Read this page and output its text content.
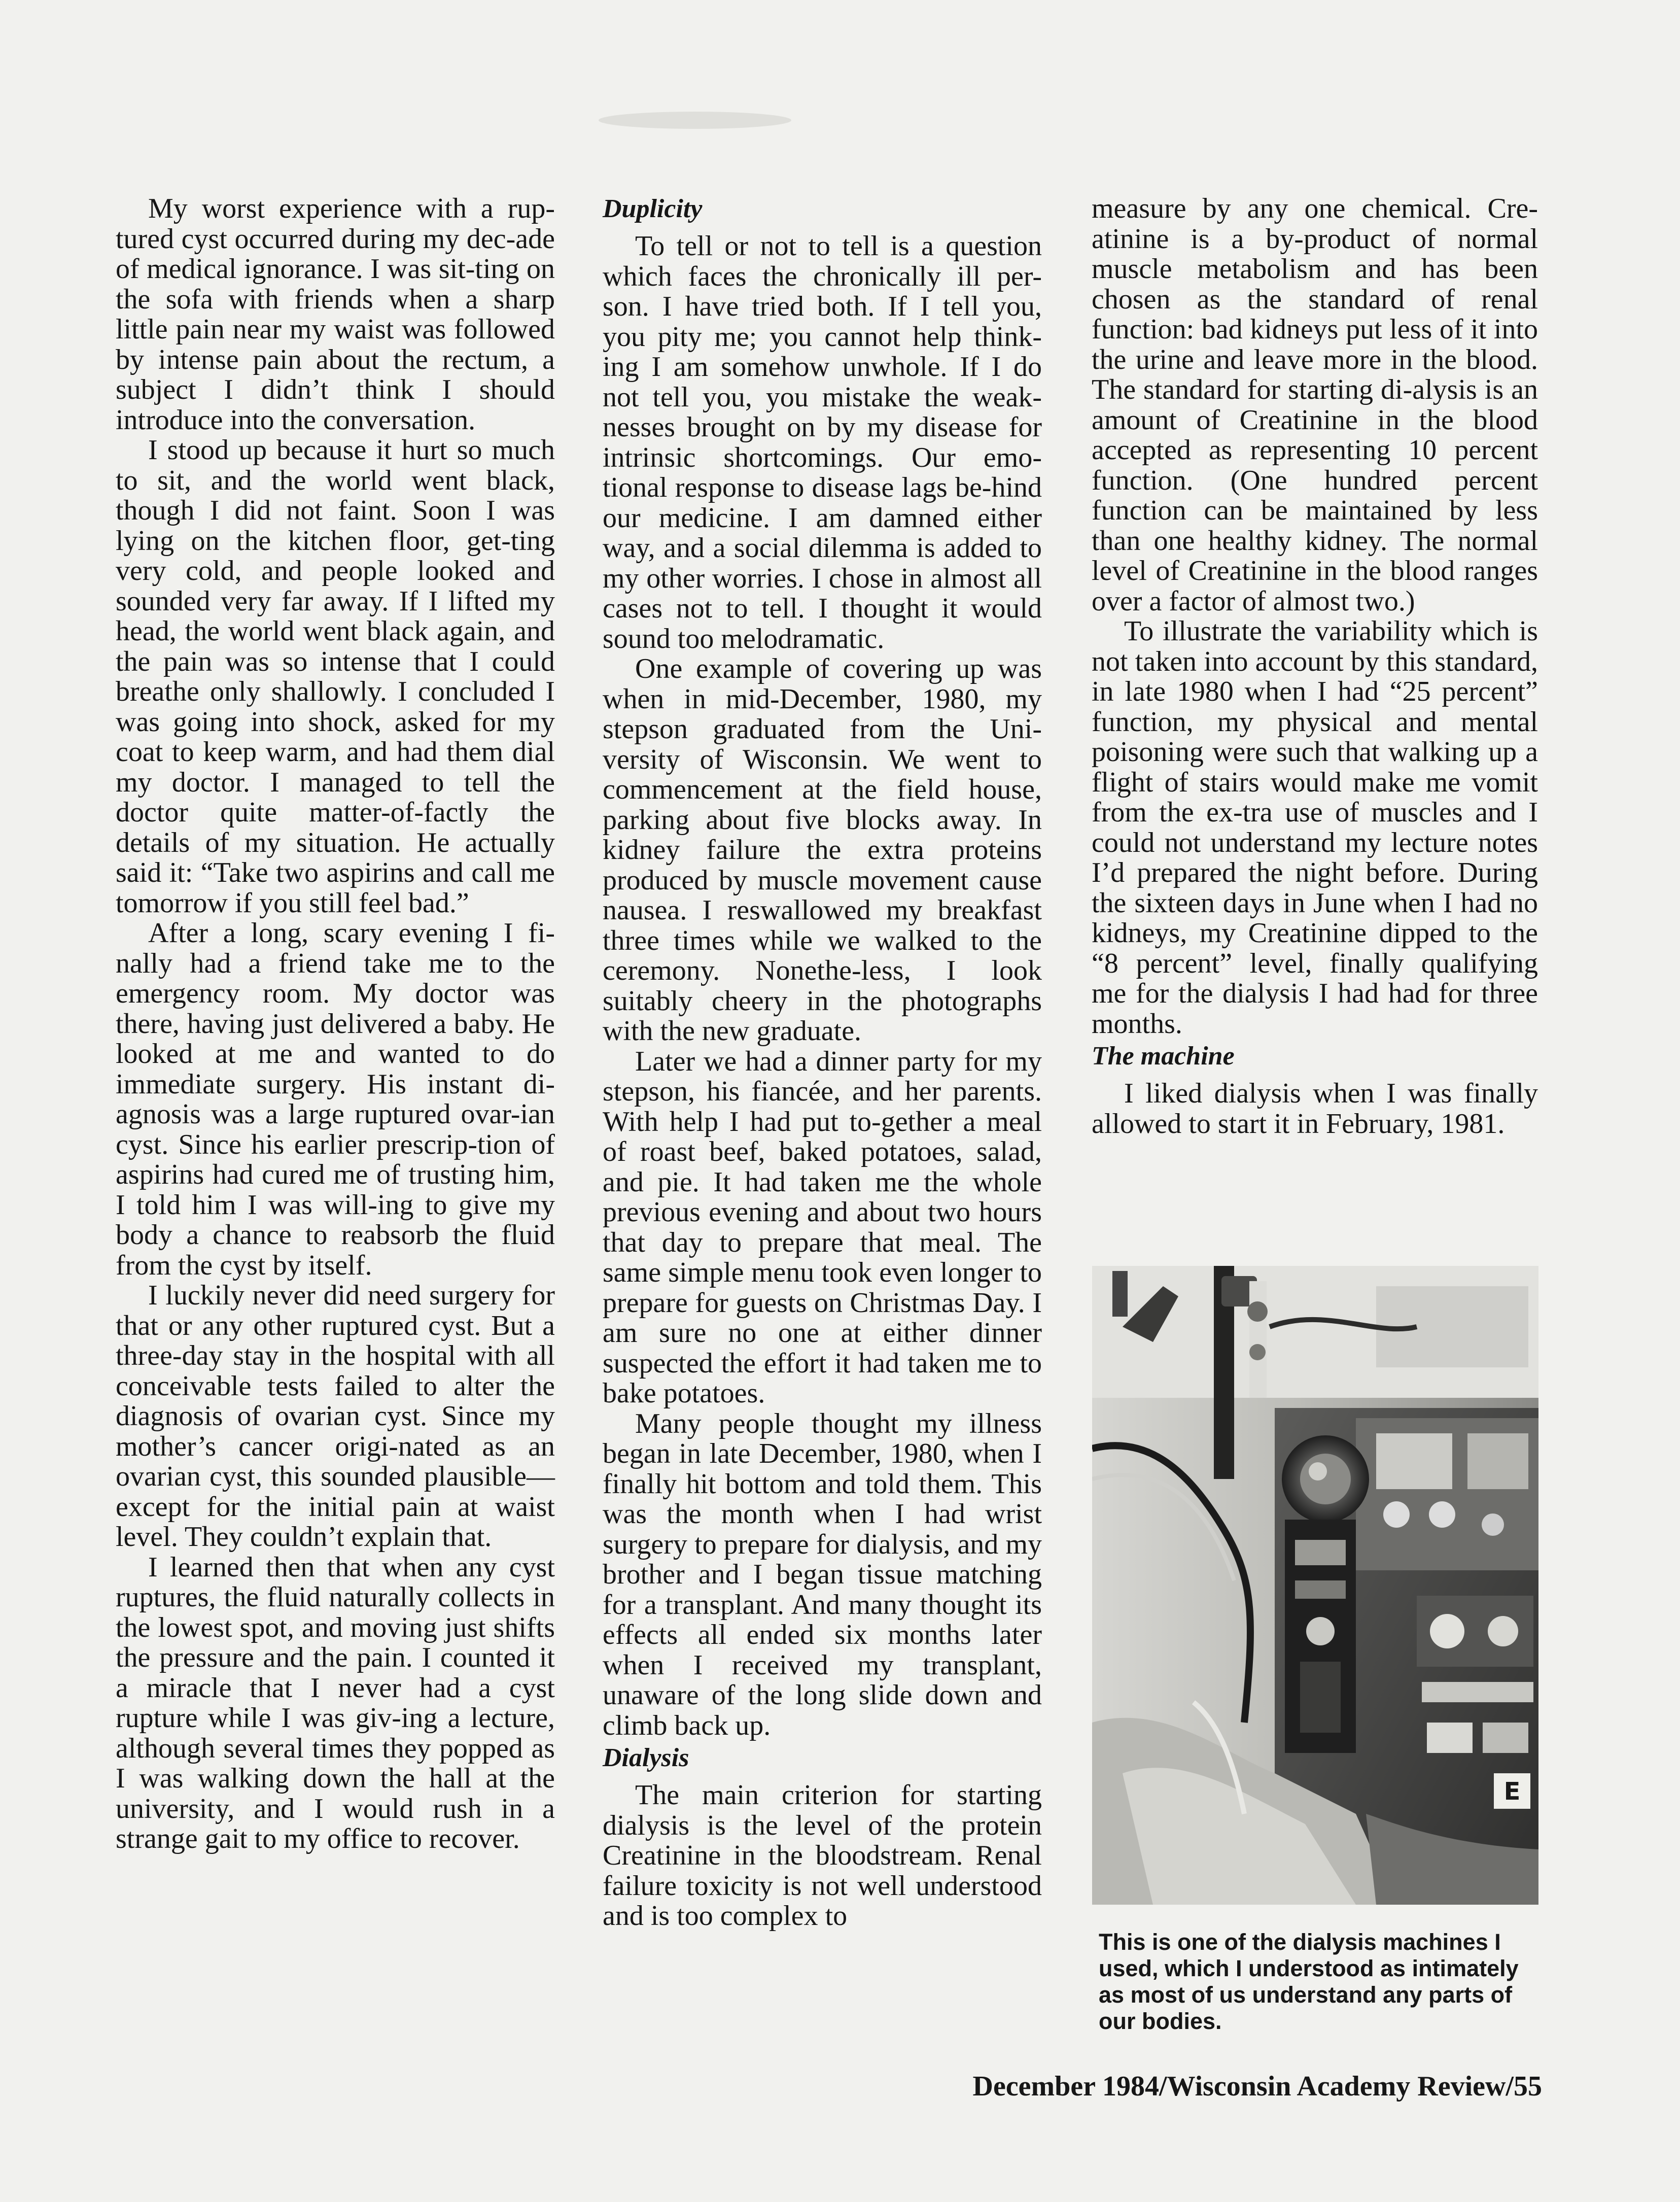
My worst experience with a rup-tured cyst occurred during my dec-ade of medical ignorance. I was sit-ting on the sofa with friends when a sharp little pain near my waist was followed by intense pain about the rectum, a subject I didn’t think I should introduce into the conversation.

I stood up because it hurt so much to sit, and the world went black, though I did not faint. Soon I was lying on the kitchen floor, get-ting very cold, and people looked and sounded very far away. If I lifted my head, the world went black again, and the pain was so intense that I could breathe only shallowly. I concluded I was going into shock, asked for my coat to keep warm, and had them dial my doctor. I managed to tell the doctor quite matter-of-factly the details of my situation. He actually said it: “Take two aspirins and call me tomorrow if you still feel bad.”

After a long, scary evening I fi-nally had a friend take me to the emergency room. My doctor was there, having just delivered a baby. He looked at me and wanted to do immediate surgery. His instant di-agnosis was a large ruptured ovar-ian cyst. Since his earlier prescrip-tion of aspirins had cured me of trusting him, I told him I was will-ing to give my body a chance to reabsorb the fluid from the cyst by itself.

I luckily never did need surgery for that or any other ruptured cyst. But a three-day stay in the hospital with all conceivable tests failed to alter the diagnosis of ovarian cyst. Since my mother’s cancer origi-nated as an ovarian cyst, this sounded plausible—except for the initial pain at waist level. They couldn’t explain that.

I learned then that when any cyst ruptures, the fluid naturally collects in the lowest spot, and moving just shifts the pressure and the pain. I counted it a miracle that I never had a cyst rupture while I was giv-ing a lecture, although several times they popped as I was walking down the hall at the university, and I would rush in a strange gait to my office to recover.

Duplicity

To tell or not to tell is a question which faces the chronically ill per-son. I have tried both. If I tell you, you pity me; you cannot help think-ing I am somehow unwhole. If I do not tell you, you mistake the weak-nesses brought on by my disease for intrinsic shortcomings. Our emo-tional response to disease lags be-hind our medicine. I am damned either way, and a social dilemma is added to my other worries. I chose in almost all cases not to tell. I thought it would sound too melodramatic.

One example of covering up was when in mid-December, 1980, my stepson graduated from the Uni-versity of Wisconsin. We went to commencement at the field house, parking about five blocks away. In kidney failure the extra proteins produced by muscle movement cause nausea. I reswallowed my breakfast three times while we walked to the ceremony. Nonethe-less, I look suitably cheery in the photographs with the new graduate.

Later we had a dinner party for my stepson, his fiancée, and her parents. With help I had put to-gether a meal of roast beef, baked potatoes, salad, and pie. It had taken me the whole previous evening and about two hours that day to prepare that meal. The same simple menu took even longer to prepare for guests on Christmas Day. I am sure no one at either dinner suspected the effort it had taken me to bake potatoes.

Many people thought my illness began in late December, 1980, when I finally hit bottom and told them. This was the month when I had wrist surgery to prepare for dialysis, and my brother and I began tissue matching for a transplant. And many thought its effects all ended six months later when I received my transplant, unaware of the long slide down and climb back up.

Dialysis

The main criterion for starting dialysis is the level of the protein Creatinine in the bloodstream. Renal failure toxicity is not well understood and is too complex to

measure by any one chemical. Cre-atinine is a by-product of normal muscle metabolism and has been chosen as the standard of renal function: bad kidneys put less of it into the urine and leave more in the blood. The standard for starting di-alysis is an amount of Creatinine in the blood accepted as representing 10 percent function. (One hundred percent function can be maintained by less than one healthy kidney. The normal level of Creatinine in the blood ranges over a factor of almost two.)

To illustrate the variability which is not taken into account by this standard, in late 1980 when I had “25 percent” function, my physical and mental poisoning were such that walking up a flight of stairs would make me vomit from the ex-tra use of muscles and I could not understand my lecture notes I’d prepared the night before. During the sixteen days in June when I had no kidneys, my Creatinine dipped to the “8 percent” level, finally qualifying me for the dialysis I had had for three months.

The machine

I liked dialysis when I was finally allowed to start it in February, 1981.

E

This is one of the dialysis machines I used, which I understood as intimately as most of us understand any parts of our bodies.

December 1984/Wisconsin Academy Review/55
